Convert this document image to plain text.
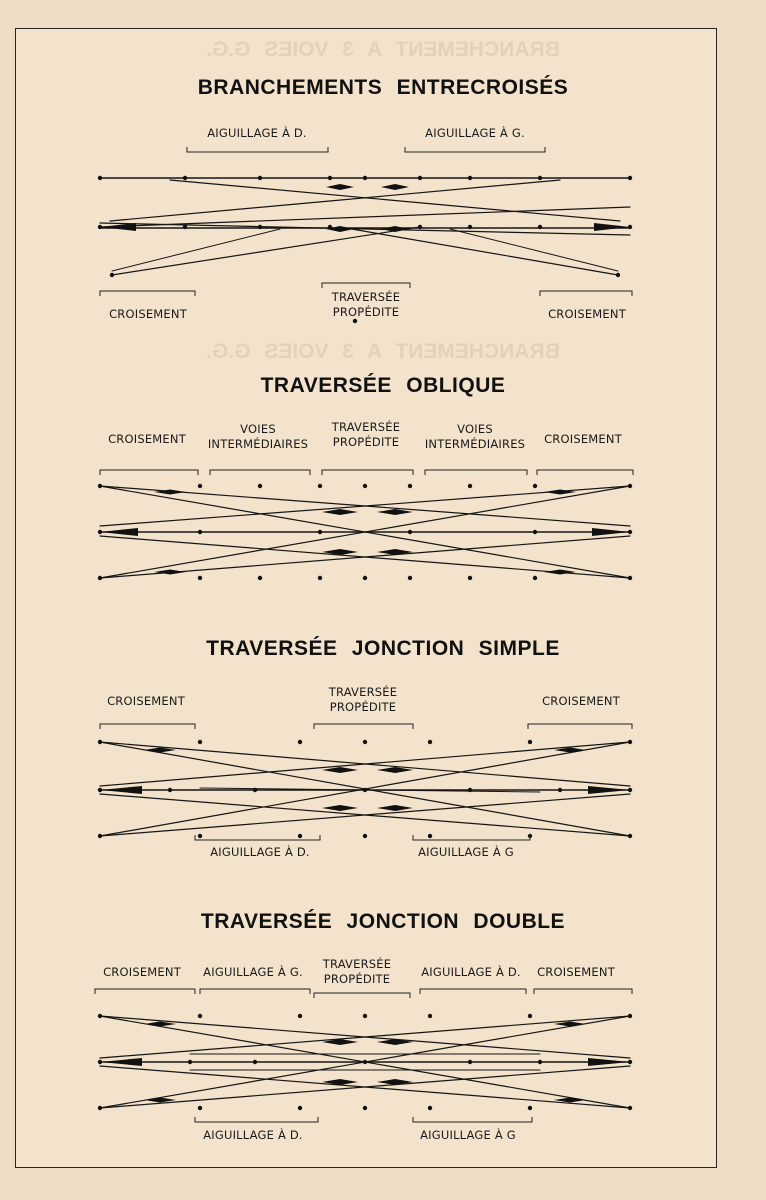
BRANCHEMENT A 3 VOIES G.G.
BRANCHEMENT A 3 VOIES G.G.
BRANCHEMENTS ENTRECROISÉS
AIGUILLAGE À D.	AIGUILLAGE À G.
CROISEMENT
TRAVERSÉE
PROPÉDITE	CROISEMENT
TRAVERSÉE OBLIQUE
CROISEMENT
VOIES
INTERMÉDIAIRES
TRAVERSÉE
PROPÉDITE
VOIES
INTERMÉDIAIRES CROISEMENT
TRAVERSÉE JONCTION SIMPLE
CROISEMENT
TRAVERSÉE
PROPÉDITE	CROISEMENT
AIGUILLAGE À D.	AIGUILLAGE À G
TRAVERSÉE JONCTION DOUBLE
CROISEMENT AIGUILLAGE À G.
TRAVERSÉE
PROPÉDITE	AIGUILLAGE À D. CROISEMENT
AIGUILLAGE À D.	AIGUILLAGE À G
